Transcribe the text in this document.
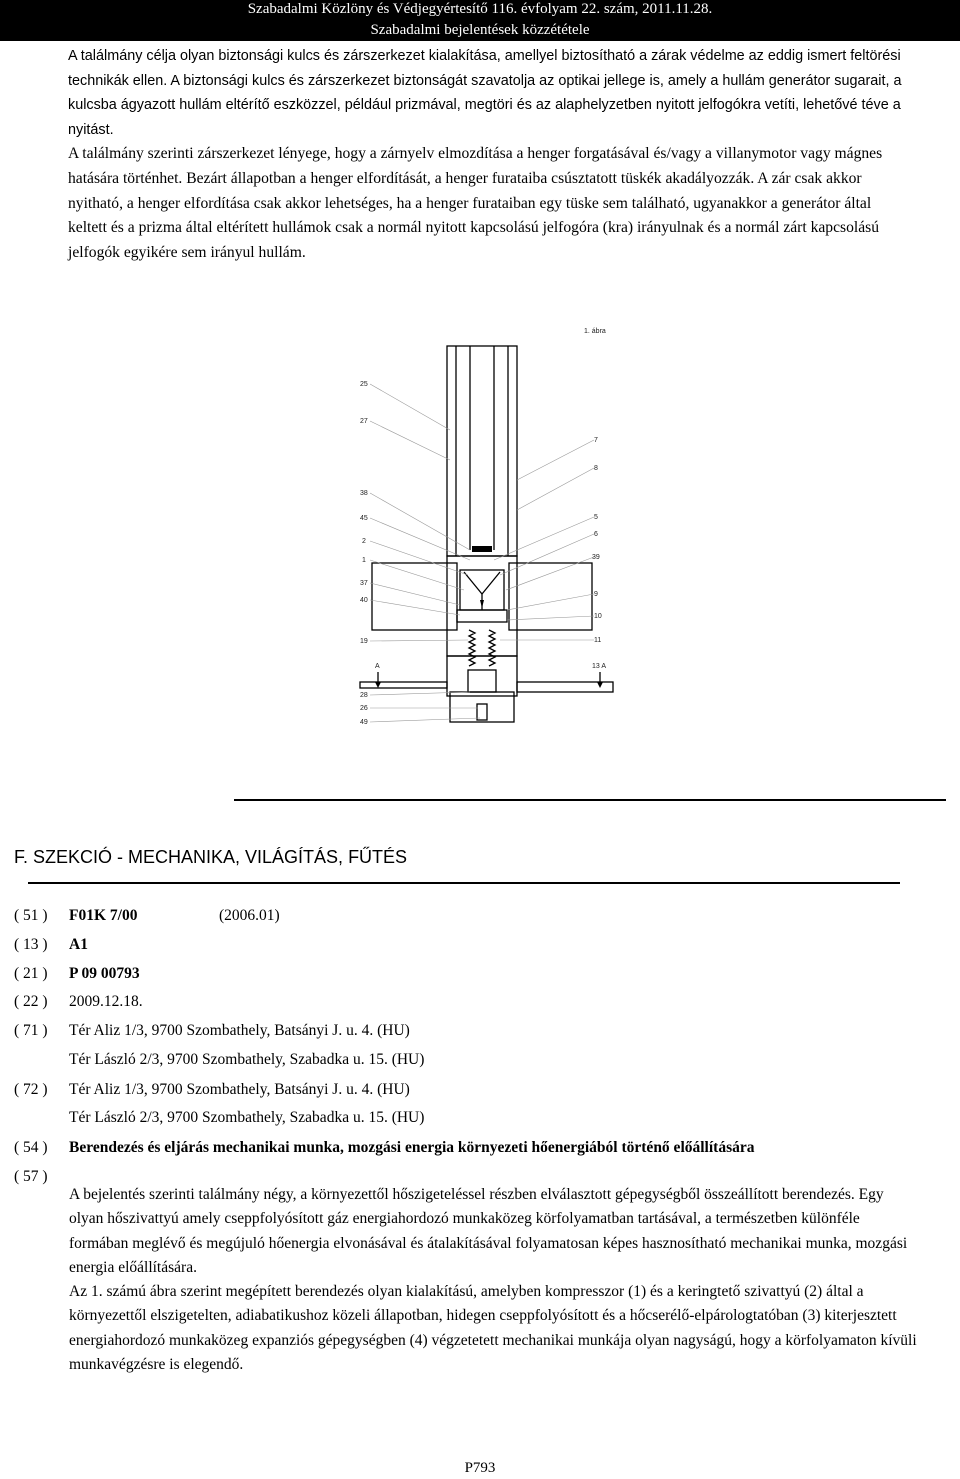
Szabadalmi Közlöny és Védjegyértesítő 116. évfolyam 22. szám, 2011.11.28.
Szabadalmi bejelentések közzététele

A találmány célja olyan biztonsági kulcs és zárszerkezet kialakítása, amellyel biztosítható a zárak védelme az eddig ismert feltörési technikák ellen. A biztonsági kulcs és zárszerkezet biztonságát szavatolja az optikai jellege is, amely a hullám generátor sugarait, a kulcsba ágyazott hullám eltérítő eszközzel, például prizmával, megtöri és az alaphelyzetben nyitott jelfogókra vetíti, lehetővé téve a nyitást.

A találmány szerinti zárszerkezet lényege, hogy a zárnyelv elmozdítása a henger forgatásával és/vagy a villanymotor vagy mágnes hatására történhet. Bezárt állapotban a henger elfordítását, a henger furataiba csúsztatott tüskék akadályozzák. A zár csak akkor nyitható, a henger elfordítása csak akkor lehetséges, ha a henger furataiban egy tüske sem található, ugyanakkor a generátor által keltett és a prizma által eltérített hullámok csak a normál nyitott kapcsolású jelfogóra (kra) irányulnak és a normál zárt kapcsolású jelfogók egyikére sem irányul hullám.

1. ábra
25
27
38
45
2
1
37
40
19
A
28
26
49
7
8
5
6
39
9
10
11
13 A
F. SZEKCIÓ - MECHANIKA, VILÁGÍTÁS, FŰTÉS
( 51 )	F01K 7/00	(2006.01)
( 13 )	A1
( 21 )	P 09 00793
( 22 )	2009.12.18.
( 71 )	Tér Aliz 1/3, 9700 Szombathely, Batsányi J. u. 4. (HU)
Tér László 2/3, 9700 Szombathely, Szabadka u. 15. (HU)
( 72 )	Tér Aliz 1/3, 9700 Szombathely, Batsányi J. u. 4. (HU)
Tér László 2/3, 9700 Szombathely, Szabadka u. 15. (HU)
( 54 )	Berendezés és eljárás mechanikai munka, mozgási energia környezeti hőenergiából történő előállítására
( 57 )

A bejelentés szerinti találmány négy, a környezettől hőszigeteléssel részben elválasztott gépegységből összeállított berendezés. Egy olyan hőszivattyú amely cseppfolyósított gáz energiahordozó munkaközeg körfolyamatban tartásával, a természetben különféle formában meglévő és megújuló hőenergia elvonásával és átalakításával folyamatosan képes hasznosítható mechanikai munka, mozgási energia előállítására.

Az 1. számú ábra szerint megépített berendezés olyan kialakítású, amelyben kompresszor (1) és a keringtető szivattyú (2) által a környezettől elszigetelten, adiabatikushoz közeli állapotban, hidegen cseppfolyósított és a hőcserélő-elpárologtatóban (3) kiterjesztett energiahordozó munkaközeg expanziós gépegységben (4) végzetetett mechanikai munkája olyan nagyságú, hogy a körfolyamaton kívüli munkavégzésre is elegendő.

P793
